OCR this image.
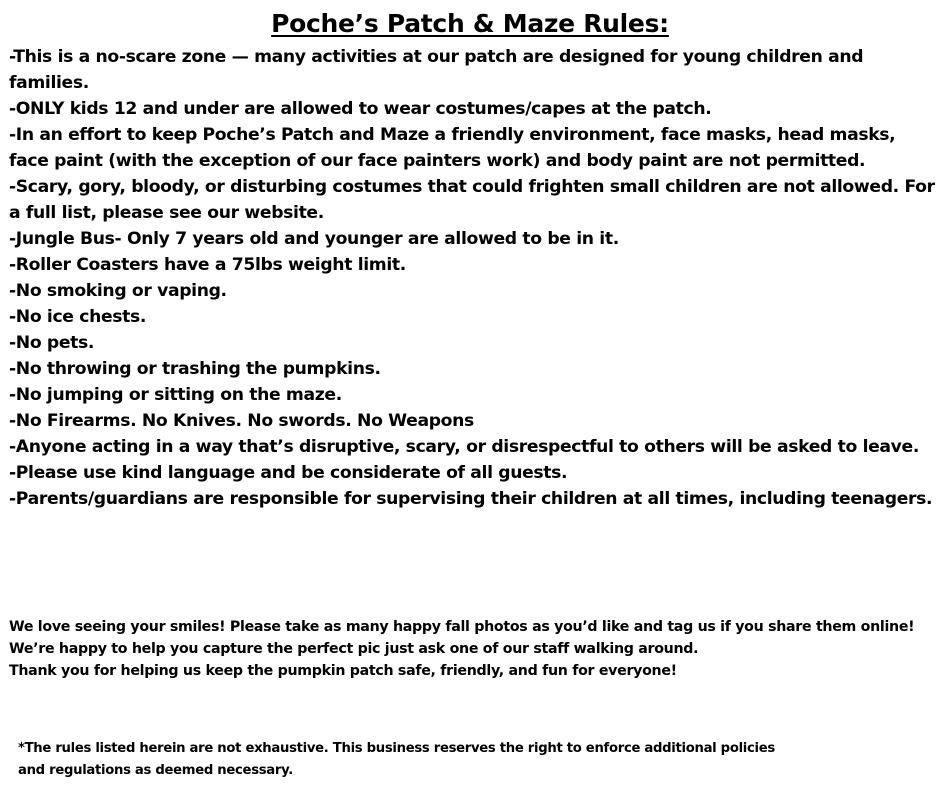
Poche’s Patch & Maze Rules:
-This is a no-scare zone — many activities at our patch are designed for young children and families.
-ONLY kids 12 and under are allowed to wear costumes/capes at the patch.
-In an effort to keep Poche’s Patch and Maze a friendly environment, face masks, head masks, face paint (with the exception of our face painters work) and body paint are not permitted.
-Scary, gory, bloody, or disturbing costumes that could frighten small children are not allowed. For a full list, please see our website.
-Jungle Bus- Only 7 years old and younger are allowed to be in it.
-Roller Coasters have a 75lbs weight limit.
-No smoking or vaping.
-No ice chests.
-No pets.
-No throwing or trashing the pumpkins.
-No jumping or sitting on the maze.
-No Firearms. No Knives. No swords. No Weapons
-Anyone acting in a way that’s disruptive, scary, or disrespectful to others will be asked to leave.
-Please use kind language and be considerate of all guests.
-Parents/guardians are responsible for supervising their children at all times, including teenagers.

We love seeing your smiles! Please take as many happy fall photos as you’d like and tag us if you share them online! We’re happy to help you capture the perfect pic just ask one of our staff walking around.

Thank you for helping us keep the pumpkin patch safe, friendly, and fun for everyone!

*The rules listed herein are not exhaustive. This business reserves the right to enforce additional policies and regulations as deemed necessary.
